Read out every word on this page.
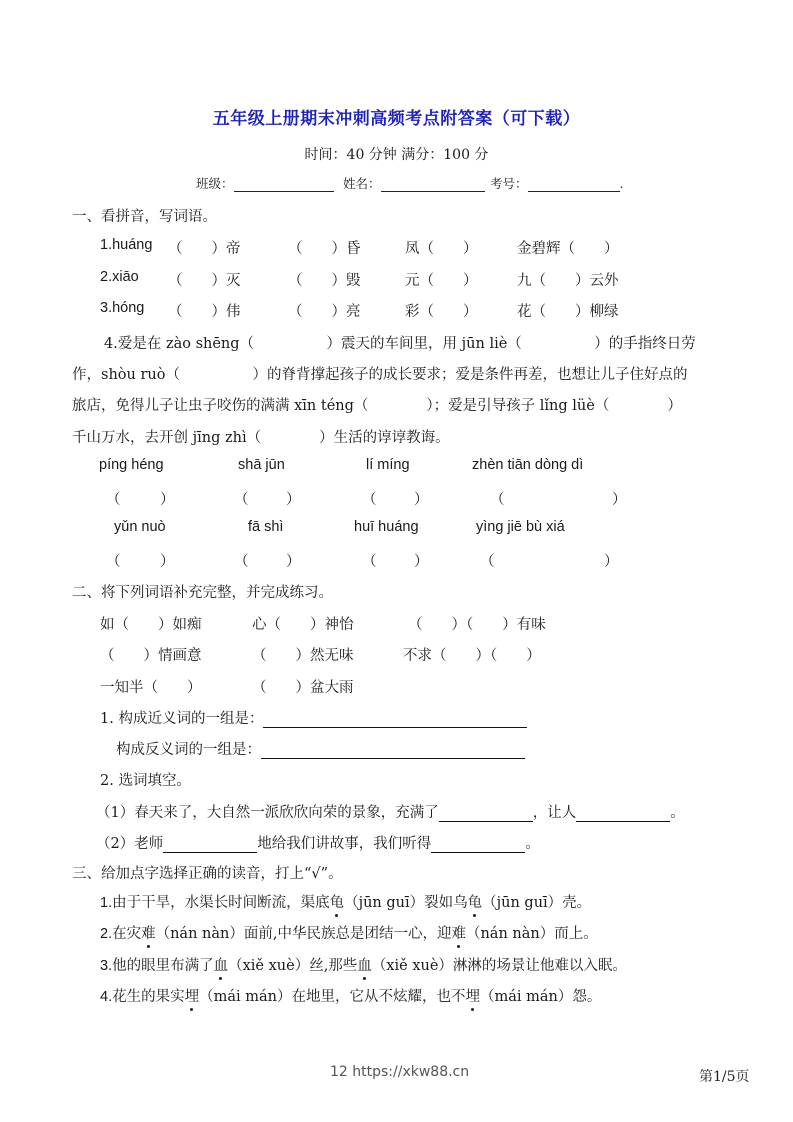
五年级上册期末冲刺高频考点附答案（可下载）
时间：40 分钟 满分：100 分
班级：	姓名：	考号：	.
一、看拼音，写词语。
1.huáng （　　）帝	（　　）昏	凤（　　）	金碧辉（　　）
2.xiāo （　　）灭	（　　）毁	元（　　）	九（　　）云外
3.hóng （　　）伟	（　　）亮	彩（　　）	花（　　）柳绿
4.爱是在 zào shēng（　　　　　）震天的车间里，用 jūn liè（　　　　　）的手指终日劳
作，shòu ruò（　　　　　）的脊背撑起孩子的成长要求；爱是条件再差，也想让儿子住好点的
旅店，免得儿子让虫子咬伤的满满 xīn téng（　　　　）；爱是引导孩子 lǐng lüè（　　　　）
千山万水，去开创 jīng zhì（　　　　）生活的谆谆教诲。
píng héng	shā jūn	lí míng	zhèn tiān dòng dì
（	）	（	）	（	）	（	）
yǔn nuò	fā shì	huī huáng	yìng jiē bù xiá
（	）	（	）	（	）	（	）
二、将下列词语补充完整，并完成练习。
如（　　）如痴	心（　　）神怡	（　　）（　　）有味
（　　）情画意	（　　）然无味	不求（　　）（　　）
一知半（　　）	（　　）盆大雨
1. 构成近义词的一组是：
构成反义词的一组是：
2. 选词填空。
（1）春天来了，大自然一派欣欣向荣的景象，充满了	，让人	。
（2）老师	地给我们讲故事，我们听得	。
三、给加点字选择正确的读音，打上“√”。
1.由于干旱，水渠长时间断流，渠底龟（jūn guī）裂如乌龟（jūn guī）壳。
2.在灾难（nán nàn）面前,中华民族总是团结一心，迎难（nán nàn）而上。
3.他的眼里布满了血（xiě xuè）丝,那些血（xiě xuè）淋淋的场景让他难以入眠。
4.花生的果实埋（mái mán）在地里，它从不炫耀，也不埋（mái mán）怨。
12 https://xkw88.cn	第1/5页
